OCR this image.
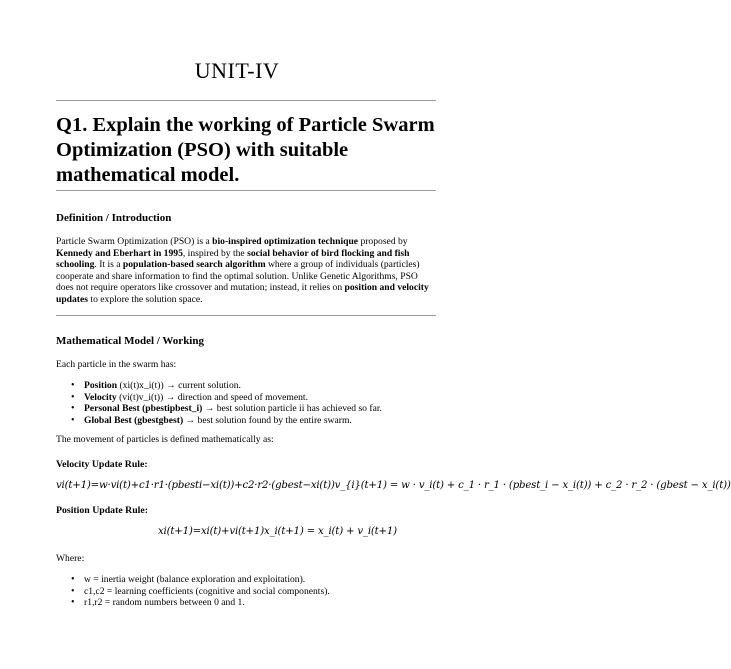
UNIT-IV
Q1. Explain the working of Particle Swarm Optimization (PSO) with suitable mathematical model.
Definition / Introduction
Particle Swarm Optimization (PSO) is a bio-inspired optimization technique proposed by Kennedy and Eberhart in 1995, inspired by the social behavior of bird flocking and fish schooling. It is a population-based search algorithm where a group of individuals (particles) cooperate and share information to find the optimal solution. Unlike Genetic Algorithms, PSO does not require operators like crossover and mutation; instead, it relies on position and velocity updates to explore the solution space.
Mathematical Model / Working
Each particle in the swarm has:
• Position (xi(t)x_i(t)) → current solution.
• Velocity (vi(t)v_i(t)) → direction and speed of movement.
• Personal Best (pbestipbest_i) → best solution particle ii has achieved so far.
• Global Best (gbestgbest) → best solution found by the entire swarm.
The movement of particles is defined mathematically as:
Velocity Update Rule:
vi(t+1)=w·vi(t)+c1·r1·(pbesti−xi(t))+c2·r2·(gbest−xi(t))v_{i}(t+1) = w · v_i(t) + c_1 · r_1 · (pbest_i − x_i(t)) + c_2 · r_2 · (gbest − x_i(t))
Position Update Rule:
xi(t+1)=xi(t)+vi(t+1)x_i(t+1) = x_i(t) + v_i(t+1)
Where:
• w = inertia weight (balance exploration and exploitation).
• c1,c2 = learning coefficients (cognitive and social components).
• r1,r2 = random numbers between 0 and 1.
